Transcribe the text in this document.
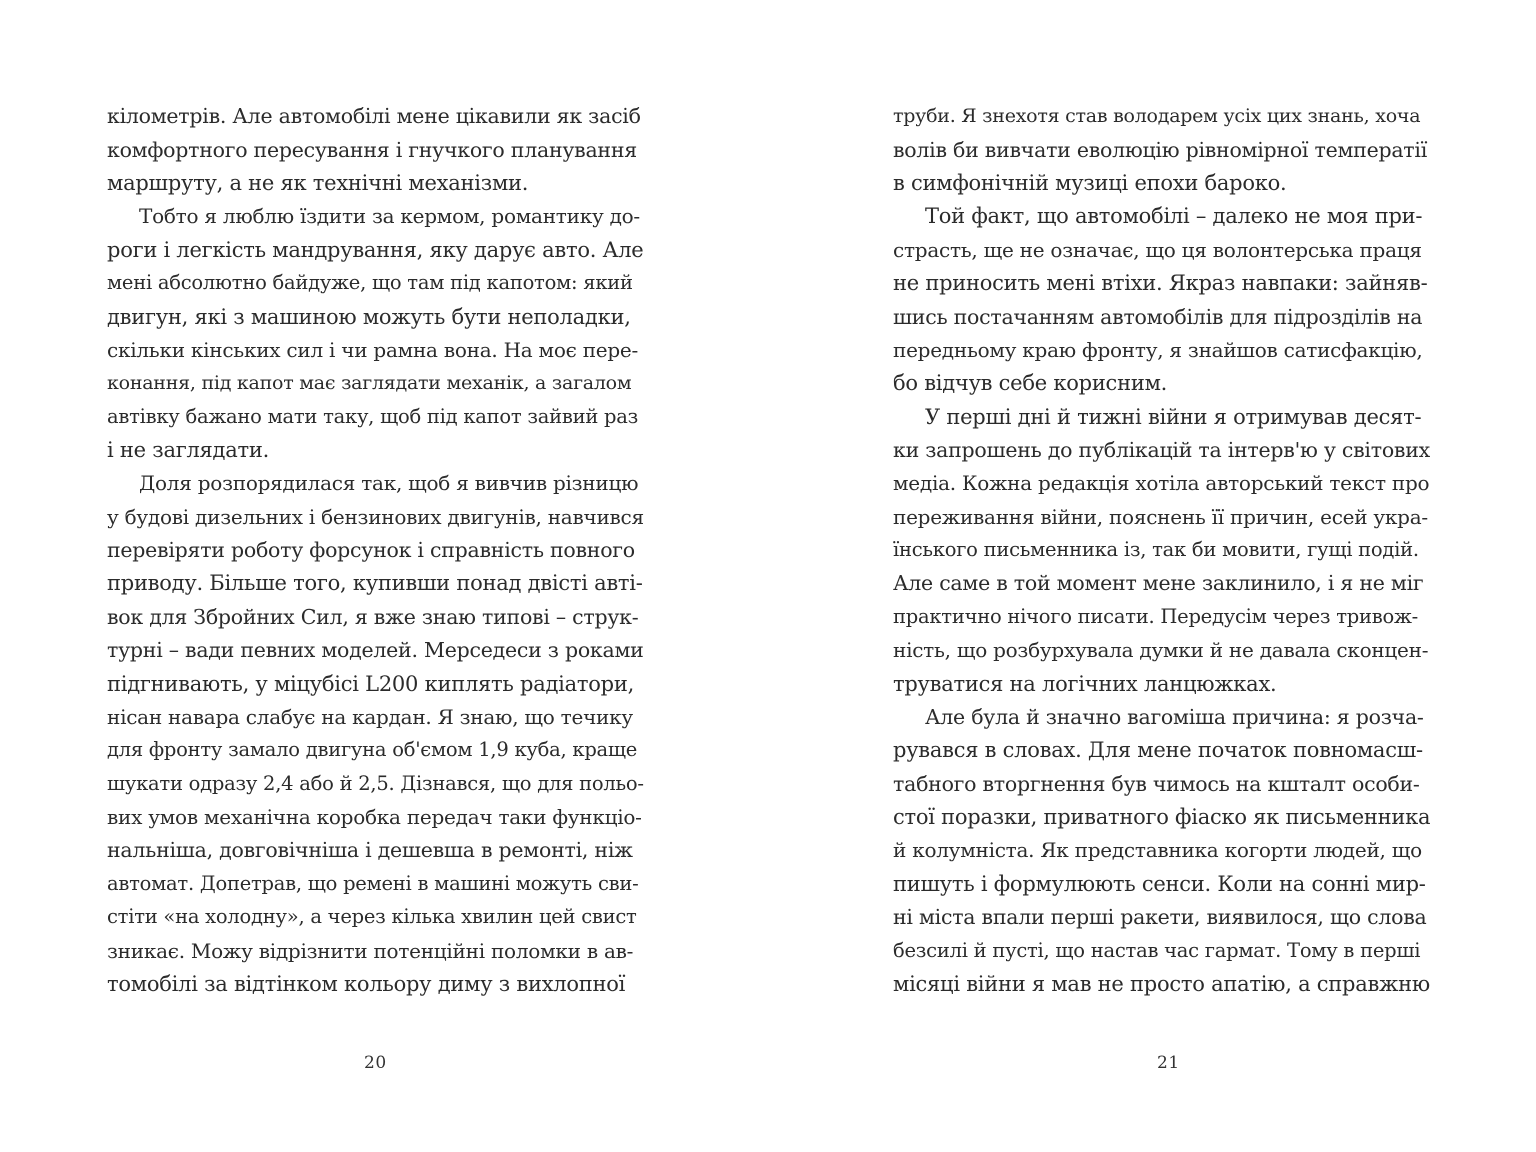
кілометрів. Але автомобілі мене цікавили як засіб
комфортного пересування і гнучкого планування
маршруту, а не як технічні механізми.
Тобто я люблю їздити за кермом, романтику до-
роги і легкість мандрування, яку дарує авто. Але
мені абсолютно байдуже, що там під капотом: який
двигун, які з машиною можуть бути неполадки,
скільки кінських сил і чи рамна вона. На моє пере-
конання, під капот має заглядати механік, а загалом
автівку бажано мати таку, щоб під капот зайвий раз
і не заглядати.
Доля розпорядилася так, щоб я вивчив різницю
у будові дизельних і бензинових двигунів, навчився
перевіряти роботу форсунок і справність повного
приводу. Більше того, купивши понад двісті авті-
вок для Збройних Сил, я вже знаю типові – струк-
турні – вади певних моделей. Мерседеси з роками
підгнивають, у міцубісі L200 киплять радіатори,
нісан навара слабує на кардан. Я знаю, що течику
для фронту замало двигуна об'ємом 1,9 куба, краще
шукати одразу 2,4 або й 2,5. Дізнався, що для польо-
вих умов механічна коробка передач таки функціо-
нальніша, довговічніша і дешевша в ремонті, ніж
автомат. Допетрав, що ремені в машині можуть сви-
стіти «на холодну», а через кілька хвилин цей свист
зникає. Можу відрізнити потенційні поломки в ав-
томобілі за відтінком кольору диму з вихлопної
20
труби. Я знехотя став володарем усіх цих знань, хоча
волів би вивчати еволюцію рівномірної температії
в симфонічній музиці епохи бароко.
Той факт, що автомобілі – далеко не моя при-
страсть, ще не означає, що ця волонтерська праця
не приносить мені втіхи. Якраз навпаки: зайняв-
шись постачанням автомобілів для підрозділів на
передньому краю фронту, я знайшов сатисфакцію,
бо відчув себе корисним.
У перші дні й тижні війни я отримував десят-
ки запрошень до публікацій та інтерв'ю у світових
медіа. Кожна редакція хотіла авторський текст про
переживання війни, пояснень її причин, есей укра-
їнського письменника із, так би мовити, гущі подій.
Але саме в той момент мене заклинило, і я не міг
практично нічого писати. Передусім через тривож-
ність, що розбурхувала думки й не давала сконцен-
труватися на логічних ланцюжках.
Але була й значно вагоміша причина: я розча-
рувався в словах. Для мене початок повномасш-
табного вторгнення був чимось на кшталт особи-
стої поразки, приватного фіаско як письменника
й колумніста. Як представника когорти людей, що
пишуть і формулюють сенси. Коли на сонні мир-
ні міста впали перші ракети, виявилося, що слова
безсилі й пусті, що настав час гармат. Тому в перші
місяці війни я мав не просто апатію, а справжню
21
